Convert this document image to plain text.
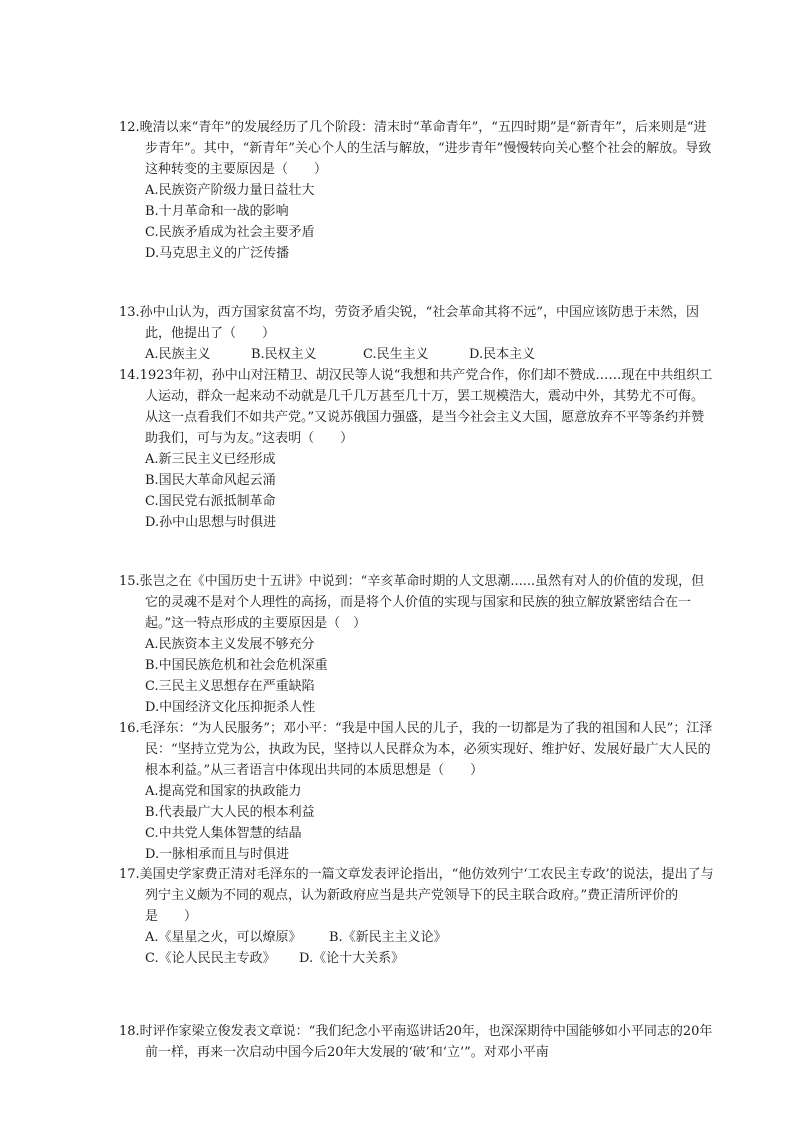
12.晚清以来“青年”的发展经历了几个阶段：清末时“革命青年”，“五四时期”是“新青年”，后来则是“进步青年”。其中，“新青年”关心个人的生活与解放，“进步青年”慢慢转向关心整个社会的解放。导致这种转变的主要原因是（　　）

A.民族资产阶级力量日益壮大

B.十月革命和一战的影响

C.民族矛盾成为社会主要矛盾

D.马克思主义的广泛传播

13.孙中山认为，西方国家贫富不均，劳资矛盾尖锐，“社会革命其将不远”，中国应该防患于未然，因此，他提出了（　　）

A.民族主义	B.民权主义	C.民生主义	D.民本主义

14.1923年初，孙中山对汪精卫、胡汉民等人说“我想和共产党合作，你们却不赞成……现在中共组织工人运动，群众一起来动不动就是几千几万甚至几十万，罢工规模浩大，震动中外，其势尤不可侮。从这一点看我们不如共产党。”又说苏俄国力强盛，是当今社会主义大国，愿意放弃不平等条约并赞助我们，可与为友。”这表明（　　）

A.新三民主义已经形成

B.国民大革命风起云涌

C.国民党右派抵制革命

D.孙中山思想与时俱进

15.张岂之在《中国历史十五讲》中说到：“辛亥革命时期的人文思潮......虽然有对人的价值的发现，但它的灵魂不是对个人理性的高扬，而是将个人价值的实现与国家和民族的独立解放紧密结合在一起。”这一特点形成的主要原因是（　）

A.民族资本主义发展不够充分

B.中国民族危机和社会危机深重

C.三民主义思想存在严重缺陷

D.中国经济文化压抑扼杀人性

16.毛泽东：“为人民服务”；邓小平：“我是中国人民的儿子，我的一切都是为了我的祖国和人民”；江泽民：“坚持立党为公，执政为民，坚持以人民群众为本，必须实现好、维护好、发展好最广大人民的根本利益。”从三者语言中体现出共同的本质思想是（　　）

A.提高党和国家的执政能力

B.代表最广大人民的根本利益

C.中共党人集体智慧的结晶

D.一脉相承而且与时俱进

17.美国史学家费正清对毛泽东的一篇文章发表评论指出，“他仿效列宁‘工农民主专政’的说法，提出了与列宁主义颇为不同的观点，认为新政府应当是共产党领导下的民主联合政府。”费正清所评价的是　　）

A.《星星之火，可以燎原》 B.《新民主主义论》

C.《论人民民主专政》 D.《论十大关系》

18.时评作家梁立俊发表文章说：“我们纪念小平南巡讲话20年，也深深期待中国能够如小平同志的20年前一样，再来一次启动中国今后20年大发展的‘破’和‘立’”。对邓小平南
